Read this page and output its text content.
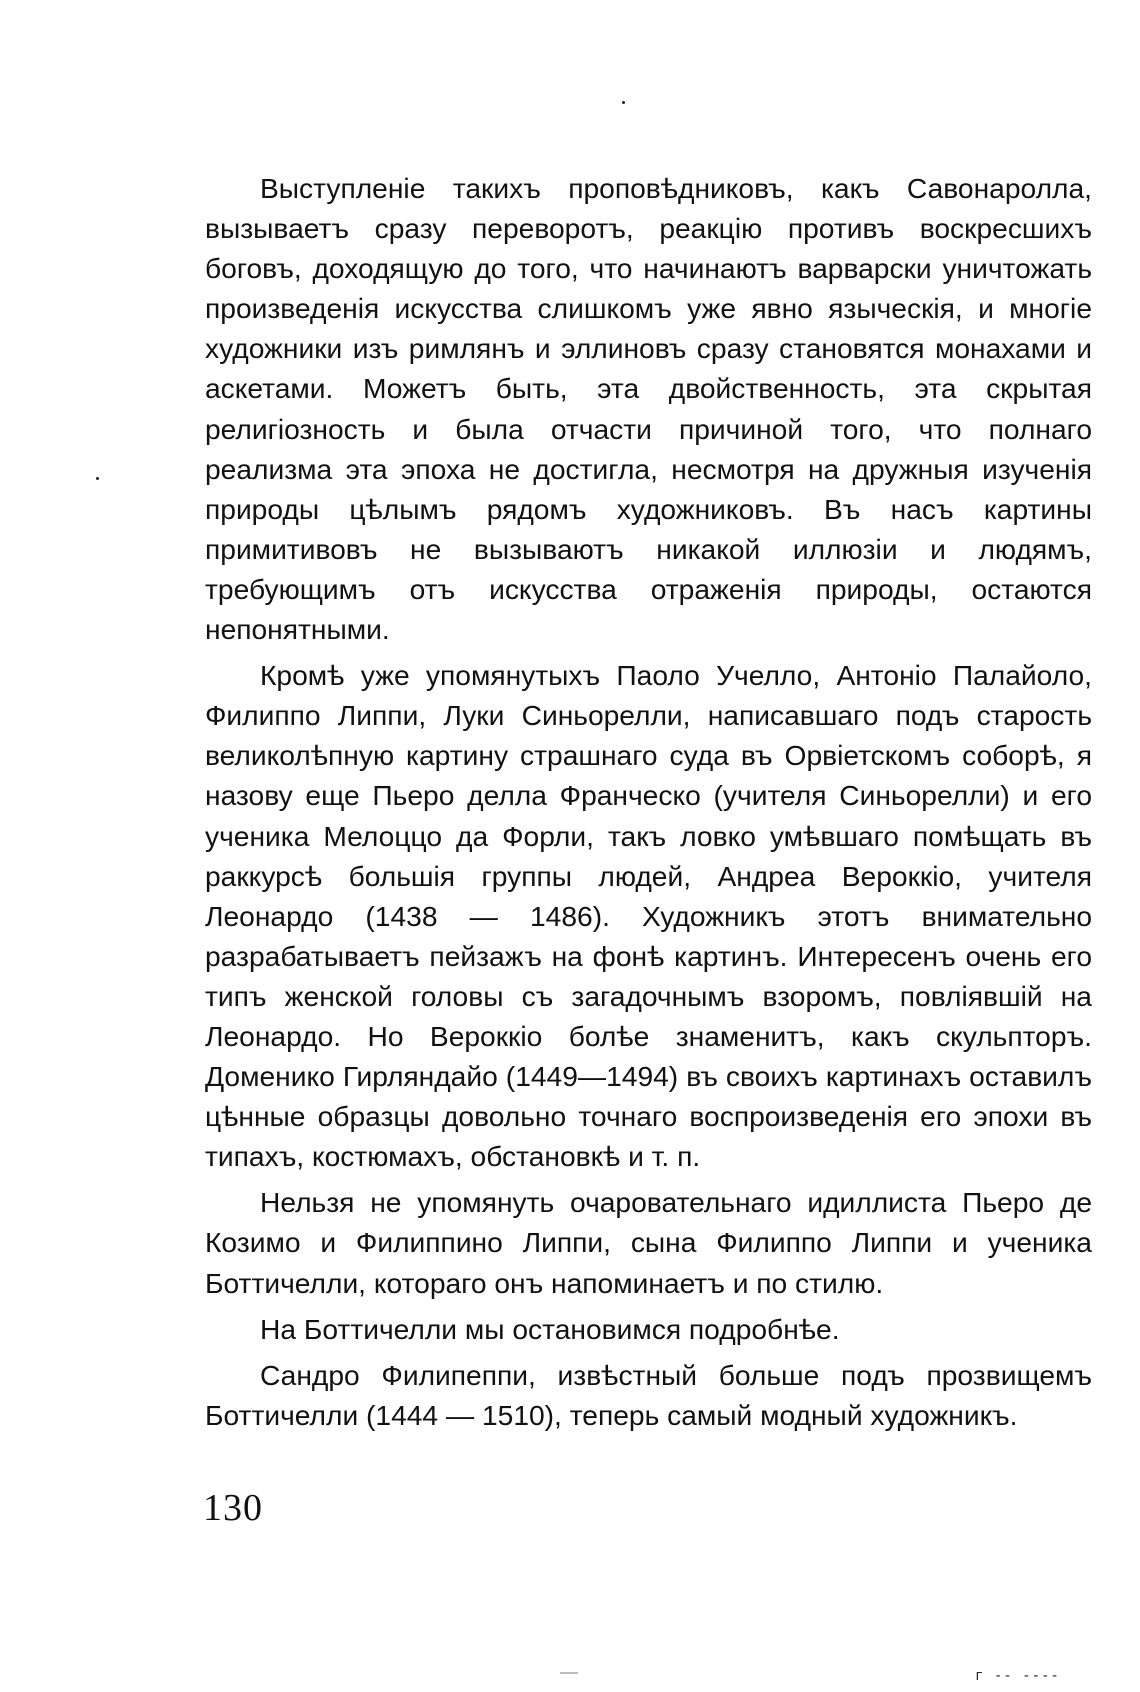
Выступленіе такихъ проповѣдниковъ, какъ Савонаролла, вызываетъ сразу переворотъ, реакцію противъ воскресшихъ боговъ, доходящую до того, что начинаютъ варварски уничтожать произведенія искусства слишкомъ уже явно языческія, и многіе художники изъ римлянъ и эллиновъ сразу становятся монахами и аскетами. Можетъ быть, эта двойственность, эта скрытая религіозность и была отчасти причиной того, что полнаго реализма эта эпоха не достигла, несмотря на дружныя изученія природы цѣлымъ рядомъ художниковъ. Въ насъ картины примитивовъ не вызываютъ никакой иллюзіи и людямъ, требующимъ отъ искусства отраженія природы, остаются непонятными.

Кромѣ уже упомянутыхъ Паоло Учелло, Антоніо Палайоло, Филиппо Липпи, Луки Синьорелли, написавшаго подъ старость великолѣпную картину страшнаго суда въ Орвіетскомъ соборѣ, я назову еще Пьеро делла Франческо (учителя Синьорелли) и его ученика Мелоццо да Форли, такъ ловко умѣвшаго помѣщать въ раккурсѣ большія группы людей, Андреа Вероккіо, учителя Леонардо (1438 — 1486). Художникъ этотъ внимательно разрабатываетъ пейзажъ на фонѣ картинъ. Интересенъ очень его типъ женской головы съ загадочнымъ взоромъ, повліявшій на Леонардо. Но Вероккіо болѣе знаменитъ, какъ скульпторъ. Доменико Гирляндайо (1449—1494) въ своихъ картинахъ оставилъ цѣнные образцы довольно точнаго воспроизведенія его эпохи въ типахъ, костюмахъ, обстановкѣ и т. п.

Нельзя не упомянуть очаровательнаго идиллиста Пьеро де Козимо и Филиппино Липпи, сына Филиппо Липпи и ученика Боттичелли, котораго онъ напоминаетъ и по стилю.

На Боттичелли мы остановимся подробнѣе.

Сандро Филипеппи, извѣстный больше подъ прозвищемъ Боттичелли (1444 — 1510), теперь самый модный художникъ.

130
г -- ----
